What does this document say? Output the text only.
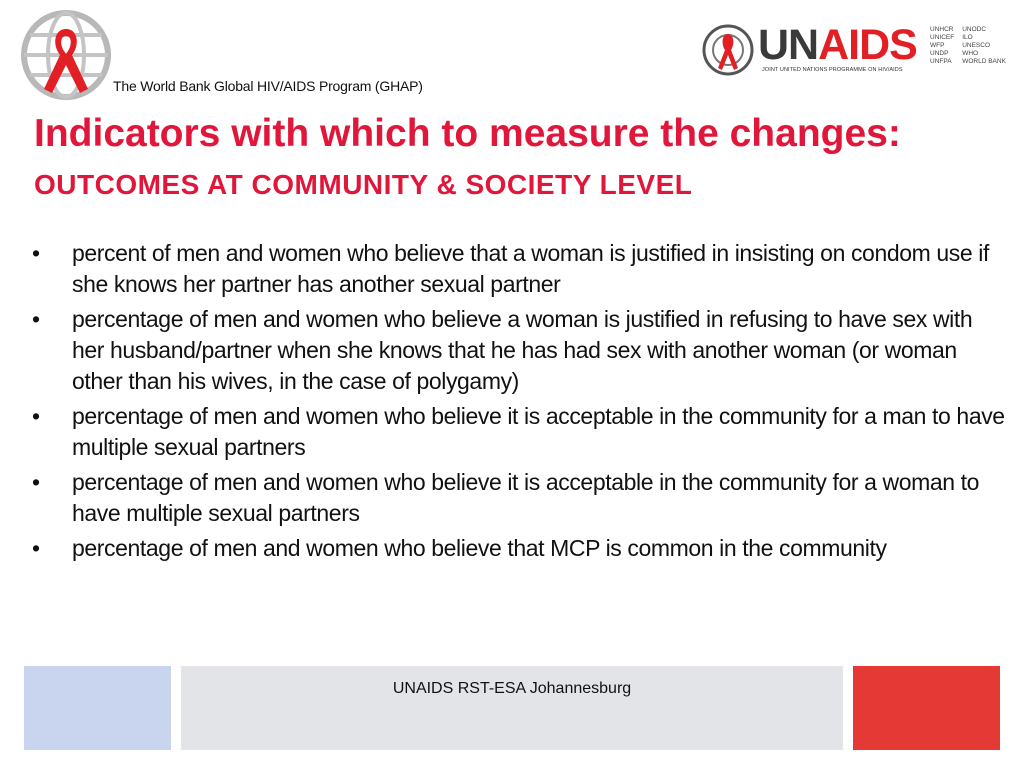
The World Bank Global HIV/AIDS Program (GHAP)
UNAIDS
JOINT UNITED NATIONS PROGRAMME ON HIV/AIDS
UNHCR
UNICEF
WFP
UNDP
UNFPA
UNODC
ILO
UNESCO
WHO
WORLD BANK
Indicators with which to measure the changes: OUTCOMES AT COMMUNITY & SOCIETY LEVEL
•	percent of men and women who believe that a woman is justified in insisting on condom use if she knows her partner has another sexual partner
•	percentage of men and women who believe a woman is justified in refusing to have sex with her husband/partner when she knows that he has had sex with another woman (or woman other than his wives, in the case of polygamy)
•	percentage of men and women who believe it is acceptable in the community for a man to have multiple sexual partners
•	percentage of men and women who believe it is acceptable in the community for a woman to have multiple sexual partners
•	percentage of men and women who believe that MCP is common in the community
UNAIDS RST-ESA Johannesburg
